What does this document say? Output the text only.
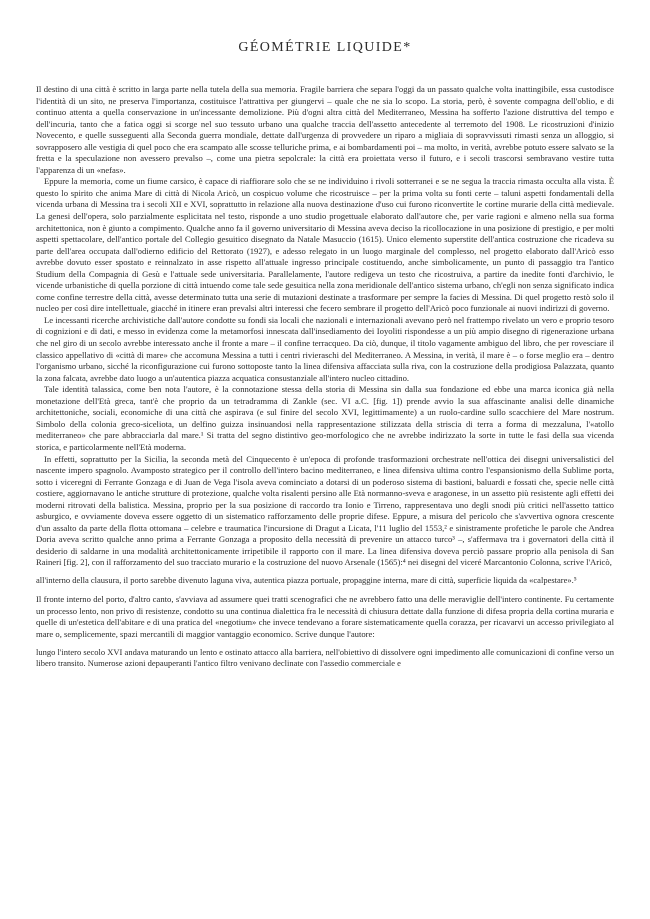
GÉOMÉTRIE LIQUIDE*

Il destino di una città è scritto in larga parte nella tutela della sua memoria. Fragile barriera che separa l'oggi da un passato qualche volta inattingibile, essa custodisce l'identità di un sito, ne preserva l'importanza, costituisce l'attrattiva per giungervi – quale che ne sia lo scopo. La storia, però, è sovente compagna dell'oblio, e di continuo attenta a quella conservazione in un'incessante demolizione. Più d'ogni altra città del Mediterraneo, Messina ha sofferto l'azione distruttiva del tempo e dell'incuria, tanto che a fatica oggi si scorge nel suo tessuto urbano una qualche traccia dell'assetto antecedente al terremoto del 1908. Le ricostruzioni d'inizio Novecento, e quelle susseguenti alla Seconda guerra mondiale, dettate dall'urgenza di provvedere un riparo a migliaia di sopravvissuti rimasti senza un alloggio, si sovrapposero alle vestigia di quel poco che era scampato alle scosse telluriche prima, e ai bombardamenti poi – ma molto, in verità, avrebbe potuto essere salvato se la fretta e la speculazione non avessero prevalso –, come una pietra sepolcrale: la città era proiettata verso il futuro, e i secoli trascorsi sembravano vestire tutta l'apparenza di un «nefas».

Eppure la memoria, come un fiume carsico, è capace di riaffiorare solo che se ne individuino i rivoli sotterranei e se ne segua la traccia rimasta occulta alla vista. È questo lo spirito che anima Mare di città di Nicola Aricò, un cospicuo volume che ricostruisce – per la prima volta su fonti certe – taluni aspetti fondamentali della vicenda urbana di Messina tra i secoli XII e XVI, soprattutto in relazione alla nuova destinazione d'uso cui furono riconvertite le cortine murarie della città medievale. La genesi dell'opera, solo parzialmente esplicitata nel testo, risponde a uno studio progettuale elaborato dall'autore che, per varie ragioni e almeno nella sua forma architettonica, non è giunto a compimento. Qualche anno fa il governo universitario di Messina aveva deciso la ricollocazione in una posizione di prestigio, e per molti aspetti spettacolare, dell'antico portale del Collegio gesuitico disegnato da Natale Masuccio (1615). Unico elemento superstite dell'antica costruzione che ricadeva su parte dell'area occupata dall'odierno edificio del Rettorato (1927), e adesso relegato in un luogo marginale del complesso, nel progetto elaborato dall'Aricò esso avrebbe dovuto esser spostato e reinnalzato in asse rispetto all'attuale ingresso principale costituendo, anche simbolicamente, un punto di passaggio tra l'antico Studium della Compagnia di Gesù e l'attuale sede universitaria. Parallelamente, l'autore redigeva un testo che ricostruiva, a partire da inedite fonti d'archivio, le vicende urbanistiche di quella porzione di città intuendo come tale sede gesuitica nella zona meridionale dell'antico sistema urbano, ch'egli non senza significato indica come confine terrestre della città, avesse determinato tutta una serie di mutazioni destinate a trasformare per sempre la facies di Messina. Di quel progetto restò solo il nucleo per così dire intellettuale, giacché in itinere eran prevalsi altri interessi che fecero sembrare il progetto dell'Aricò poco funzionale ai nuovi indirizzi di governo.

Le incessanti ricerche archivistiche dall'autore condotte su fondi sia locali che nazionali e internazionali avevano però nel frattempo rivelato un vero e proprio tesoro di cognizioni e di dati, e messo in evidenza come la metamorfosi innescata dall'insediamento dei Ioyoliti rispondesse a un più ampio disegno di rigenerazione urbana che nel giro di un secolo avrebbe interessato anche il fronte a mare – il confine terracqueo. Da ciò, dunque, il titolo vagamente ambiguo del libro, che per rovesciare il classico appellativo di «città di mare» che accomuna Messina a tutti i centri rivieraschi del Mediterraneo. A Messina, in verità, il mare è – o forse meglio era – dentro l'organismo urbano, sicché la riconfigurazione cui furono sottoposte tanto la linea difensiva affacciata sulla riva, con la costruzione della prodigiosa Palazzata, quanto la zona falcata, avrebbe dato luogo a un'autentica piazza acquatica consustanziale all'intero nucleo cittadino.

Tale identità talassica, come ben nota l'autore, è la connotazione stessa della storia di Messina sin dalla sua fondazione ed ebbe una marca iconica già nella monetazione dell'Età greca, tant'è che proprio da un tetradramma di Zankle (sec. VI a.C. [fig. 1]) prende avvio la sua affascinante analisi delle dinamiche architettoniche, sociali, economiche di una città che aspirava (e sul finire del secolo XVI, legittimamente) a un ruolo-cardine sullo scacchiere del Mare nostrum. Simbolo della colonia greco-siceliota, un delfino guizza insinuandosi nella rappresentazione stilizzata della striscia di terra a forma di mezzaluna, l'«atollo mediterraneo» che pare abbracciarla dal mare.¹ Si tratta del segno distintivo geo-morfologico che ne avrebbe indirizzato la sorte in tutte le fasi della sua vicenda storica, e particolarmente nell'Età moderna.

In effetti, soprattutto per la Sicilia, la seconda metà del Cinquecento è un'epoca di profonde trasformazioni orchestrate nell'ottica dei disegni universalistici del nascente impero spagnolo. Avamposto strategico per il controllo dell'intero bacino mediterraneo, e linea difensiva ultima contro l'espansionismo della Sublime porta, sotto i viceregni di Ferrante Gonzaga e di Juan de Vega l'isola aveva cominciato a dotarsi di un poderoso sistema di bastioni, baluardi e fossati che, specie nelle città costiere, aggiornavano le antiche strutture di protezione, qualche volta risalenti persino alle Età normanno-sveva e aragonese, in un assetto più resistente agli effetti dei moderni ritrovati della balistica. Messina, proprio per la sua posizione di raccordo tra Ionio e Tirreno, rappresentava uno degli snodi più critici nell'assetto tattico asburgico, e ovviamente doveva essere oggetto di un sistematico rafforzamento delle proprie difese. Eppure, a misura del pericolo che s'avvertiva ognora crescente d'un assalto da parte della flotta ottomana – celebre e traumatica l'incursione di Dragut a Licata, l'11 luglio del 1553,² e sinistramente profetiche le parole che Andrea Doria aveva scritto qualche anno prima a Ferrante Gonzaga a proposito della necessità di prevenire un attacco turco³ –, s'affermava tra i governatori della città il desiderio di saldarne in una modalità architettonicamente irripetibile il rapporto con il mare. La linea difensiva doveva perciò passare proprio alla penisola di San Raineri [fig. 2], con il rafforzamento del suo tracciato murario e la costruzione del nuovo Arsenale (1565):⁴ nei disegni del viceré Marcantonio Colonna, scrive l'Aricò,

all'interno della clausura, il porto sarebbe divenuto laguna viva, autentica piazza portuale, propaggine interna, mare di città, superficie liquida da «calpestare».⁵

Il fronte interno del porto, d'altro canto, s'avviava ad assumere quei tratti scenografici che ne avrebbero fatto una delle meraviglie dell'intero continente. Fu certamente un processo lento, non privo di resistenze, condotto su una continua dialettica fra le necessità di chiusura dettate dalla funzione di difesa propria della cortina muraria e quelle di un'estetica dell'abitare e di una pratica del «negotium» che invece tendevano a forare sistematicamente quella corazza, per ricavarvi un accesso privilegiato al mare o, semplicemente, spazi mercantili di maggior vantaggio economico. Scrive dunque l'autore:

lungo l'intero secolo XVI andava maturando un lento e ostinato attacco alla barriera, nell'obiettivo di dissolvere ogni impedimento alle comunicazioni di confine verso un libero transito. Numerose azioni depauperanti l'antico filtro venivano declinate con l'assedio commerciale e
